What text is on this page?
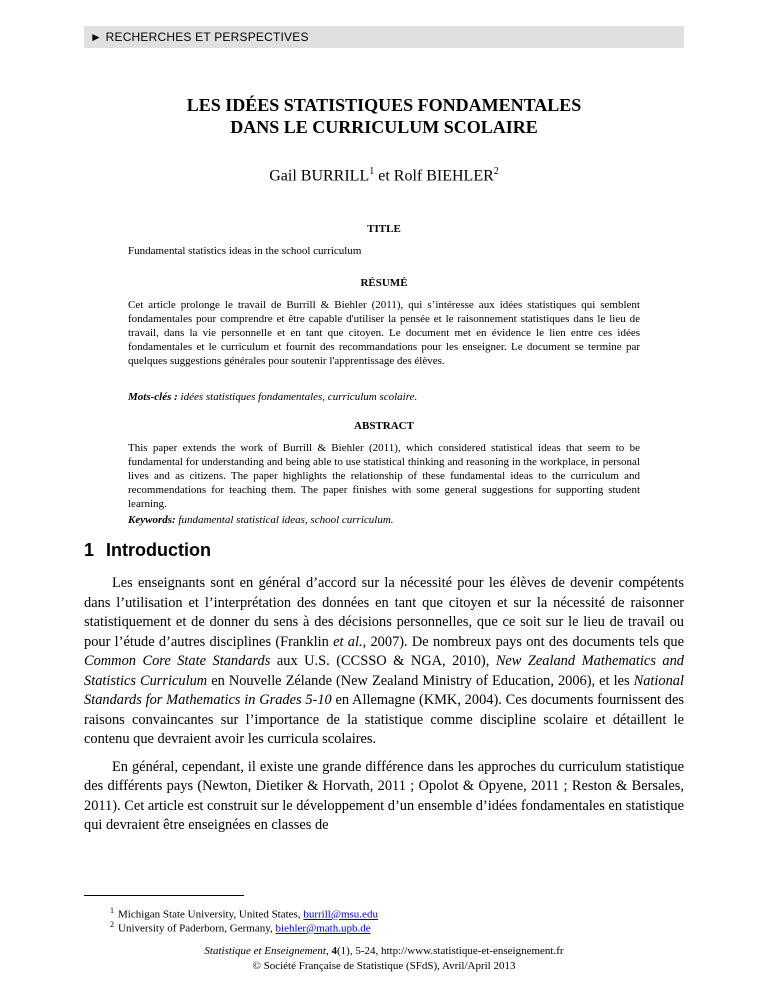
► RECHERCHES ET PERSPECTIVES
LES IDÉES STATISTIQUES FONDAMENTALES
DANS LE CURRICULUM SCOLAIRE
Gail BURRILL$^1$ et Rolf BIEHLER$^2$
TITLE
Fundamental statistics ideas in the school curriculum
RÉSUMÉ
Cet article prolonge le travail de Burrill & Biehler (2011), qui s’intéresse aux idées statistiques qui semblent fondamentales pour comprendre et être capable d'utiliser la pensée et le raisonnement statistiques dans le lieu de travail, dans la vie personnelle et en tant que citoyen. Le document met en évidence le lien entre ces idées fondamentales et le curriculum et fournit des recommandations pour les enseigner. Le document se termine par quelques suggestions générales pour soutenir l'apprentissage des élèves.
Mots-clés : idées statistiques fondamentales, curriculum scolaire.
ABSTRACT
This paper extends the work of Burrill & Biehler (2011), which considered statistical ideas that seem to be fundamental for understanding and being able to use statistical thinking and reasoning in the workplace, in personal lives and as citizens. The paper highlights the relationship of these fundamental ideas to the curriculum and recommendations for teaching them. The paper finishes with some general suggestions for supporting student learning.
Keywords: fundamental statistical ideas, school curriculum.
1 Introduction

Les enseignants sont en général d’accord sur la nécessité pour les élèves de devenir compétents dans l’utilisation et l’interprétation des données en tant que citoyen et sur la nécessité de raisonner statistiquement et de donner du sens à des décisions personnelles, que ce soit sur le lieu de travail ou pour l’étude d’autres disciplines (Franklin et al., 2007). De nombreux pays ont des documents tels que Common Core State Standards aux U.S. (CCSSO & NGA, 2010), New Zealand Mathematics and Statistics Curriculum en Nouvelle Zélande (New Zealand Ministry of Education, 2006), et les National Standards for Mathematics in Grades 5-10 en Allemagne (KMK, 2004). Ces documents fournissent des raisons convaincantes sur l’importance de la statistique comme discipline scolaire et détaillent le contenu que devraient avoir les curricula scolaires.

En général, cependant, il existe une grande différence dans les approches du curriculum statistique des différents pays (Newton, Dietiker & Horvath, 2011 ; Opolot & Opyene, 2011 ; Reston & Bersales, 2011). Cet article est construit sur le développement d’un ensemble d’idées fondamentales en statistique qui devraient être enseignées en classes de

$^1$ Michigan State University, United States, burrill@msu.edu
$^2$ University of Paderborn, Germany, biehler@math.upb.de
Statistique et Enseignement, 4(1), 5-24, http://www.statistique-et-enseignement.fr
© Société Française de Statistique (SFdS), Avril/April 2013
